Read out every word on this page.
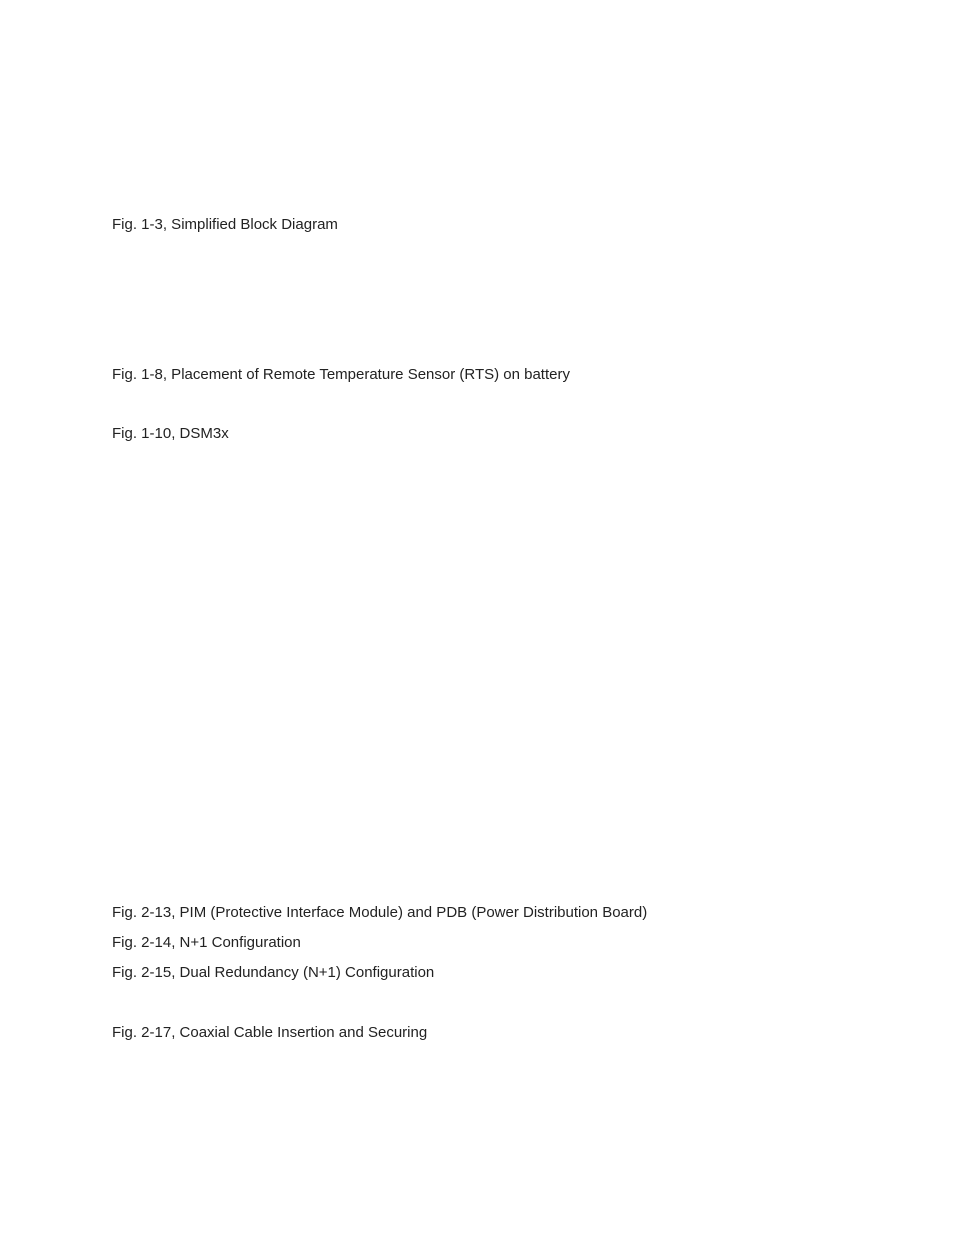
Fig. 1-3, Simplified Block Diagram
Fig. 1-8, Placement of Remote Temperature Sensor (RTS) on battery
Fig. 1-10, DSM3x
Fig. 2-13, PIM (Protective Interface Module) and PDB (Power Distribution Board)
Fig. 2-14, N+1 Configuration
Fig. 2-15, Dual Redundancy (N+1) Configuration
Fig. 2-17, Coaxial Cable Insertion and Securing
